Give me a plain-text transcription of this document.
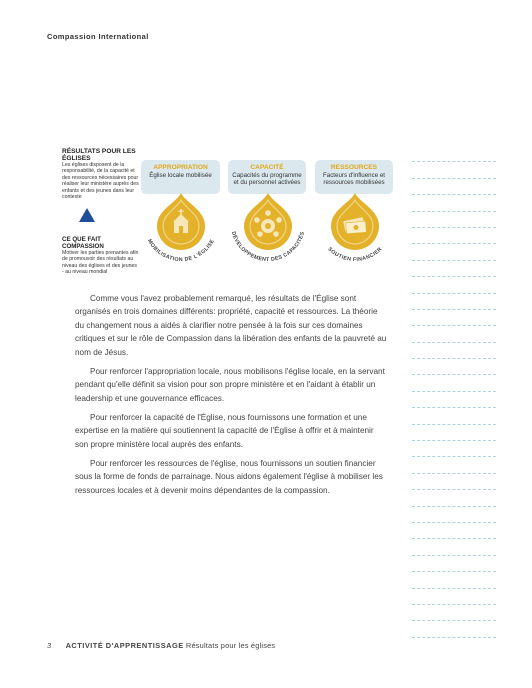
Compassion International
RÉSULTATS POUR LES ÉGLISES
Les églises disposent de la responsabilité, de la capacité et des ressources nécessaires pour réaliser leur ministère auprès des enfants et des jeunes dans leur contexte
CE QUE FAIT COMPASSION
Motiver les parties prenantes afin de promouvoir des résultats au niveau des églises et des jeunes - au niveau mondial
APPROPRIATION
Église locale mobilisée
CAPACITÉ
Capacités du programme et du personnel activées
RESSOURCES
Facteurs d'influence et ressources mobilisées
MOBILISATION DE L'ÉGLISE
DÉVELOPPEMENT DES CAPACITÉS
SOUTIEN FINANCIER

Comme vous l'avez probablement remarqué, les résultats de l'Église sont organisés en trois domaines différents: propriété, capacité et ressources. La théorie du changement nous a aidés à clarifier notre pensée à la fois sur ces domaines critiques et sur le rôle de Compassion dans la libération des enfants de la pauvreté au nom de Jésus.

Pour renforcer l'appropriation locale, nous mobilisons l'église locale, en la servant pendant qu'elle définit sa vision pour son propre ministère et en l'aidant à établir un leadership et une gouvernance efficaces.

Pour renforcer la capacité de l'Église, nous fournissons une formation et une expertise en la matière qui soutiennent la capacité de l'Église à offrir et à maintenir son propre ministère local auprès des enfants.

Pour renforcer les ressources de l'église, nous fournissons un soutien financier sous la forme de fonds de parrainage. Nous aidons également l'église à mobiliser les ressources locales et à devenir moins dépendantes de la compassion.

3 ACTIVITÉ D'APPRENTISSAGE Résultats pour les églises
